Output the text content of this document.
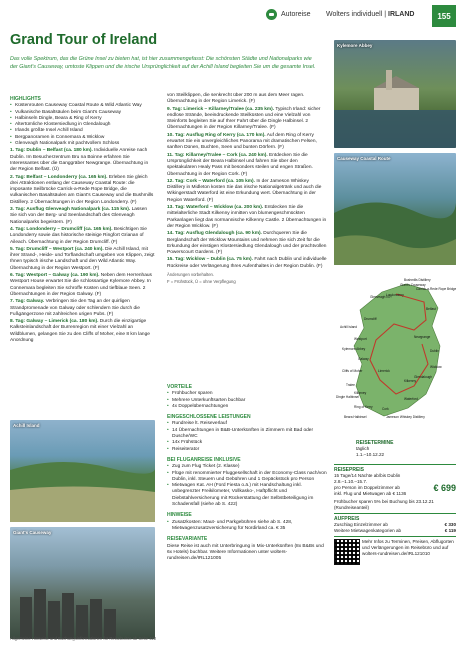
Autoreise Wolters individuell | IRLAND	155
Grand Tour of Ireland

Das volle Spektrum, das die Grüne Insel zu bieten hat, ist hier zusammengefasst: Die schönsten Städte und Nationalparks wie der Giant's Causeway, umtoste Klippen und die irische Ursprünglichkeit auf der Achill Island begleiten Sie um die gesamte Insel.

HIGHLIGHTS
• Küstenrouten Causeway Coastal Route & Wild Atlantic Way
• Vulkanische Basaltsäulen beim Giant's Causeway
• Halbinseln Dingle, Beara & Ring of Kerry
• Altertümliche Klostersiedlung in Glendalough
• Irlands größte Insel Achill Island
• Bergpanoramen in Connemara & Wicklow
• Glenveagh Nationalpark mit pachtvollem Schloss

1. Tag: Dublin – Belfast (ca. 180 km). Individuelle Anreise nach Dublin. Im Besucherzentrum Bru na Boinne erfahren Sie Interessantes über die Ganggräber Newgrange. Übernachtung in der Region Belfast. (Ü)

2. Tag: Belfast – Londonderry (ca. 165 km). Erleben Sie gleich drei Attraktionen entlang der Causeway Coastal Route: die imposante Seilbrücke Carrick-a-Rede Rope Bridge, die vulkanischen Basaltsäulen am Giant's Causeway und die Bushmills Distillery. 2 Übernachtungen in der Region Londonderry. (F)

3. Tag: Ausflug Glenveagh Nationalpark (ca. 115 km). Lassen Sie sich von der Berg- und Seenlandschaft des Glenveagh Nationalparks begeistern. (F)

4. Tag: Londonderry – Drumcliff (ca. 165 km). Besichtigen Sie Londonderry sowie das historische steinige Ringfort Grianan of Aileach. Übernachtung in der Region Drumcliff. (F)

5. Tag: Drumcliff – Westport (ca. 240 km). Die Achill Island, mit ihrer Strand-, Heide- und Torflandschaft umgeben von Klippen, zeigt Ihnen typisch irische Landschaft und den Wild Atlantic Way. Übernachtung in der Region Westport. (F)

6. Tag: Westport – Galway (ca. 190 km). Neben dem Herrenhaus Westport House erwartet Sie die schlossartige Kylemore Abbey. In Connemara begleiten Sie schroffe Küsten und tiefblaue Seen. 2 Übernachtungen in der Region Galway. (F)

7. Tag: Galway. Verbringen Sie den Tag an der quirligen Strandpromenade von Galway oder schlendern Sie durch die Fußgängerzone mit zahlreichen urigen Pubs. (F)

8. Tag: Galway – Limerick (ca. 180 km). Durch die einzigartige Kalksteinlandschaft der Burrenregion mit einer Vielzahl an Wildblumen, gelangen Sie zu den Cliffs of Moher, eine 8 km lange Anordnung

von Steilklippen, die senkrecht über 200 m aus dem Meer ragen. Übernachtung in der Region Limerick. (F)

9. Tag: Limerick – Killarney/Tralee (ca. 235 km). Typisch Irland: sicher endlose Strände, beeindruckende Steilküsten und eine Vielzahl von Steinforts begleiten Sie auf Ihrer Fahrt über die Dingle Halbinsel. 2 Übernachtungen in der Region Killarney/Tralee. (F)

10. Tag: Ausflug Ring of Kerry (ca. 170 km). Auf dem Ring of Kerry erwartet Sie ein unvergleichliches Panorama mit dramatischen Felsen, sanften Dünen, Buchten, Seen und bunten Dörfern. (F)

11. Tag: Killarney/Tralee – Cork (ca. 240 km). Entdecken Sie die Ursprünglichkeit der Beara Halbinsel und fahren Sie über den spektakulären Healy Pass mit besonders steilen und engen Straßen. Übernachtung in der Region Cork. (F)

12. Tag: Cork – Waterford (ca. 105 km). In der Jameson Whiskey Distillery in Midleton kosten Sie das irische Nationalgetränk und auch die Wikingerstadt Waterford ist eine Erkundung wert. Übernachtung in der Region Waterford. (F)

13. Tag: Waterford – Wicklow (ca. 200 km). Entdecken Sie die mittelalterliche Stadt Kilkenny inmitten von blumengeschmückten Parkanlagen liegt das normannische Kilkenny Castle. 2 Übernachtungen in der Region Wicklow. (F)

14. Tag: Ausflug Glendalough (ca. 90 km). Durchqueren Sie die Berglandschaft der Wicklow Mountains und nehmen Sie sich Zeit für die Erkundung der einstigen Klostersiedlung Glendalough und der prachtvollen Powerscourt Gardens. (F)

15. Tag: Wicklow – Dublin (ca. 75 km). Fahrt nach Dublin und individuelle Rückreise oder Verlängerung Ihres Aufenthaltes in der Region Dublin. (F)

Änderungen vorbehalten.
F = Frühstück, Ü = ohne Verpflegung
VORTEILE
• Frühbucher sparen
• Mehrere Unterkunftsarten buchbar
• 4x Doppelübernachtungen
EINGESCHLOSSENE LEISTUNGEN
• Rundreise lt. Reiseverlauf
• 14 Übernachtungen in B&B-Unterkünften in Zimmern mit Bad oder Dusche/WC
• 14x Frühstück
• Reiseiterator
BEI FLUGANREISE INKLUSIVE
• Zug zum Flug Ticket (2. Klasse)
• Flüge mit renommierter Fluggesellschaft in der Economy-Class nach/von Dublin, inkl. Steuern und Gebühren und 1 Gepäckstück pro Person
• Mietwagen Kat. AH (Ford Fiesta o.ä.) mit Handschaltung inkl. unbegrenzter Freikilometer, Vollkasko-, Haftpflicht und Diebstahlversicherung mit Rückerstattung der Selbstbeteiligung im Schadensfall (siehe ab S. 422)
HINWEISE
• Zusatzkosten: Maut- und Parkgebühren siehe ab S. 428, Mietwagenzusatzversicherung für Nordirland ca. € 35
REISEVARIANTE

Diese Reise ist auch mit Unterbringung in Mix-Unterkünften (8x B&Bs und 6x Hotels) buchbar. Weitere Informationen unter wolters-rundreisen.de/IRL121005

Kylemore Abbey
Causeway Coastal Route
Achill Island
Giant's Causeway
Bushmills Distillery
Giant's Causeway
Carrick-a-Rede Rope Bridge
Londonderry
Glenveagh N.P.
Belfast
Drumcliff
Achill Island
Westport	Newgrange
Kylemore Abbey
Galway
Dublin
Wicklow
Limerick
Cliffs of Moher
Glendalough
Kilkenny
Tralee
Killarney
Dingle Halbinsel	Waterford
Cork
Ring of Kerry
Jameson Whiskey Distillery
Beara Halbinsel
REISETERMINE
täglich
1.1.–10.12.22
REISEPREIS
15 Tage/14 Nächte ab/bis Dublin
2.8.–1.10.–15.7.
pro Person im Doppelzimmer ab
inkl. Flug und Mietwagen ab € 1136
€ 699
Frühbucher sparen 5% bei Buchung bis 23.12.21 (Rundreiseanteil)
AUFPREIS
Zuschlag Einzelzimmer ab	€ 330
Weitere Mietwagenkategorien ab	€ 119
Mehr Infos zu Terminen, Preisen, Abflugorten und Verlängerungen im Reisebüro und auf wolters-rundreisen.de/IRL121010
Allgemeine Hinweise und Buchungsinformationen für Reisebuiros ab Seite 422
